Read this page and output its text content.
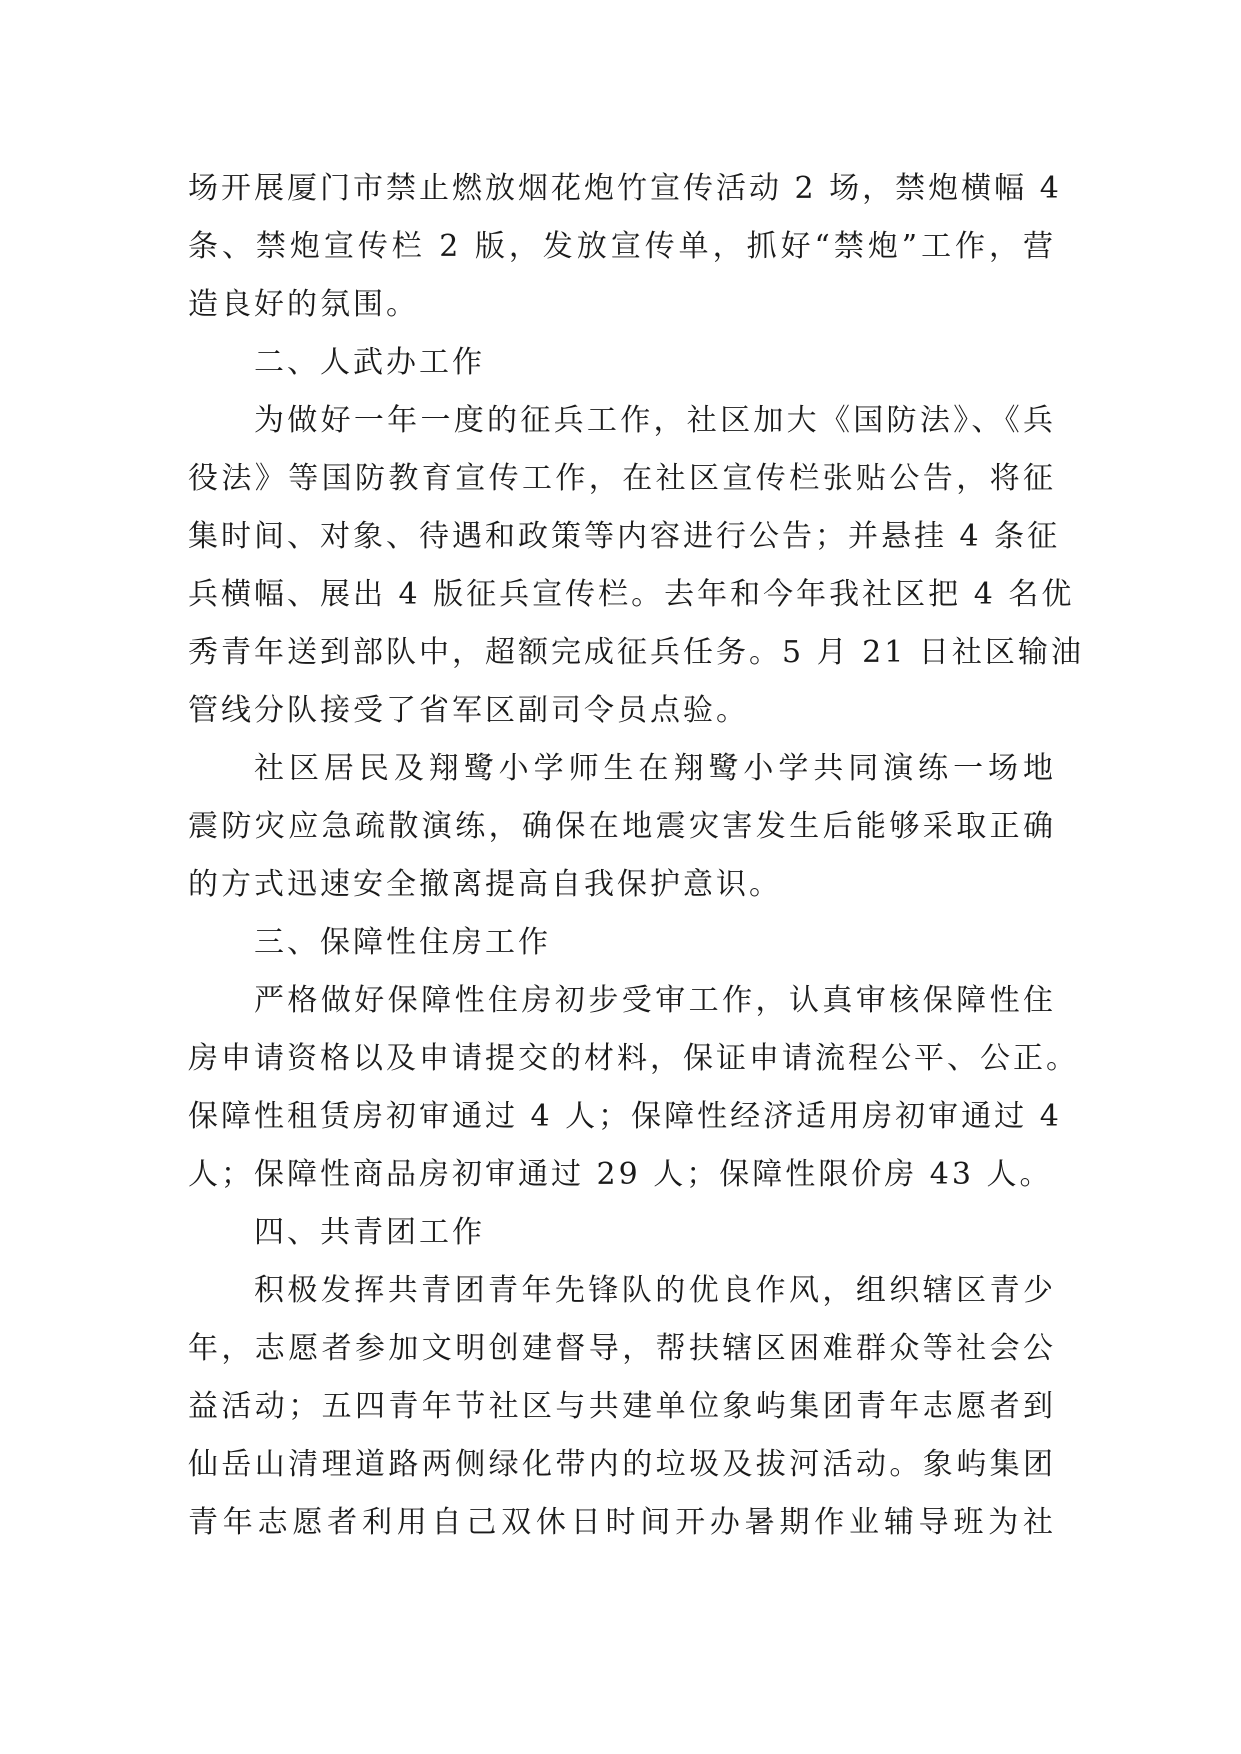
场开展厦门市禁止燃放烟花炮竹宣传活动 2 场，禁炮横幅 4
条、禁炮宣传栏 2 版，发放宣传单，抓好“禁炮”工作，营
造良好的氛围。
二、人武办工作
为做好一年一度的征兵工作，社区加大《国防法》、《兵
役法》等国防教育宣传工作，在社区宣传栏张贴公告，将征
集时间、对象、待遇和政策等内容进行公告；并悬挂 4 条征
兵横幅、展出 4 版征兵宣传栏。去年和今年我社区把 4 名优
秀青年送到部队中，超额完成征兵任务。5 月 21 日社区输油
管线分队接受了省军区副司令员点验。
社区居民及翔鹭小学师生在翔鹭小学共同演练一场地
震防灾应急疏散演练，确保在地震灾害发生后能够采取正确
的方式迅速安全撤离提高自我保护意识。
三、保障性住房工作
严格做好保障性住房初步受审工作，认真审核保障性住
房申请资格以及申请提交的材料，保证申请流程公平、公正。
保障性租赁房初审通过 4 人；保障性经济适用房初审通过 4
人；保障性商品房初审通过 29 人；保障性限价房 43 人。
四、共青团工作
积极发挥共青团青年先锋队的优良作风，组织辖区青少
年，志愿者参加文明创建督导，帮扶辖区困难群众等社会公
益活动；五四青年节社区与共建单位象屿集团青年志愿者到
仙岳山清理道路两侧绿化带内的垃圾及拔河活动。象屿集团
青年志愿者利用自己双休日时间开办暑期作业辅导班为社
